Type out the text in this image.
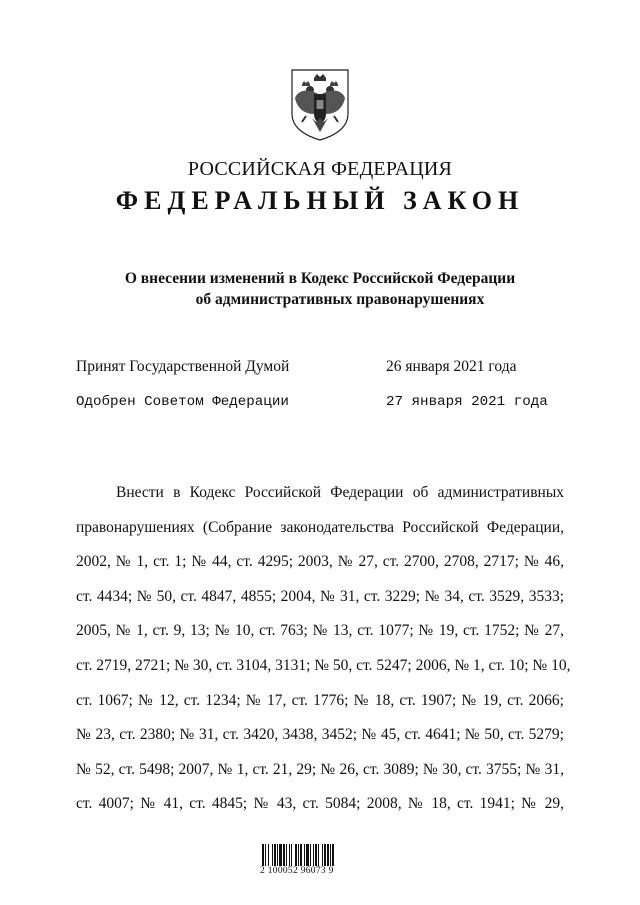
РОССИЙСКАЯ ФЕДЕРАЦИЯ
ФЕДЕРАЛЬНЫЙ ЗАКОН
О внесении изменений в Кодекс Российской Федерации
об административных правонарушениях
Принят Государственной Думой	26 января 2021 года
Одобрен Советом Федерации	27 января 2021 года
Внести в Кодекс Российской Федерации об административных
правонарушениях (Собрание законодательства Российской Федерации,
2002, № 1, ст. 1; № 44, ст. 4295; 2003, № 27, ст. 2700, 2708, 2717; № 46,
ст. 4434; № 50, ст. 4847, 4855; 2004, № 31, ст. 3229; № 34, ст. 3529, 3533;
2005, № 1, ст. 9, 13; № 10, ст. 763; № 13, ст. 1077; № 19, ст. 1752; № 27,
ст. 2719, 2721; № 30, ст. 3104, 3131; № 50, ст. 5247; 2006, № 1, ст. 10; № 10,
ст. 1067; № 12, ст. 1234; № 17, ст. 1776; № 18, ст. 1907; № 19, ст. 2066;
№ 23, ст. 2380; № 31, ст. 3420, 3438, 3452; № 45, ст. 4641; № 50, ст. 5279;
№ 52, ст. 5498; 2007, № 1, ст. 21, 29; № 26, ст. 3089; № 30, ст. 3755; № 31,
ст. 4007; № 41, ст. 4845; № 43, ст. 5084; 2008, № 18, ст. 1941; № 29,
2 100052 96073 9
